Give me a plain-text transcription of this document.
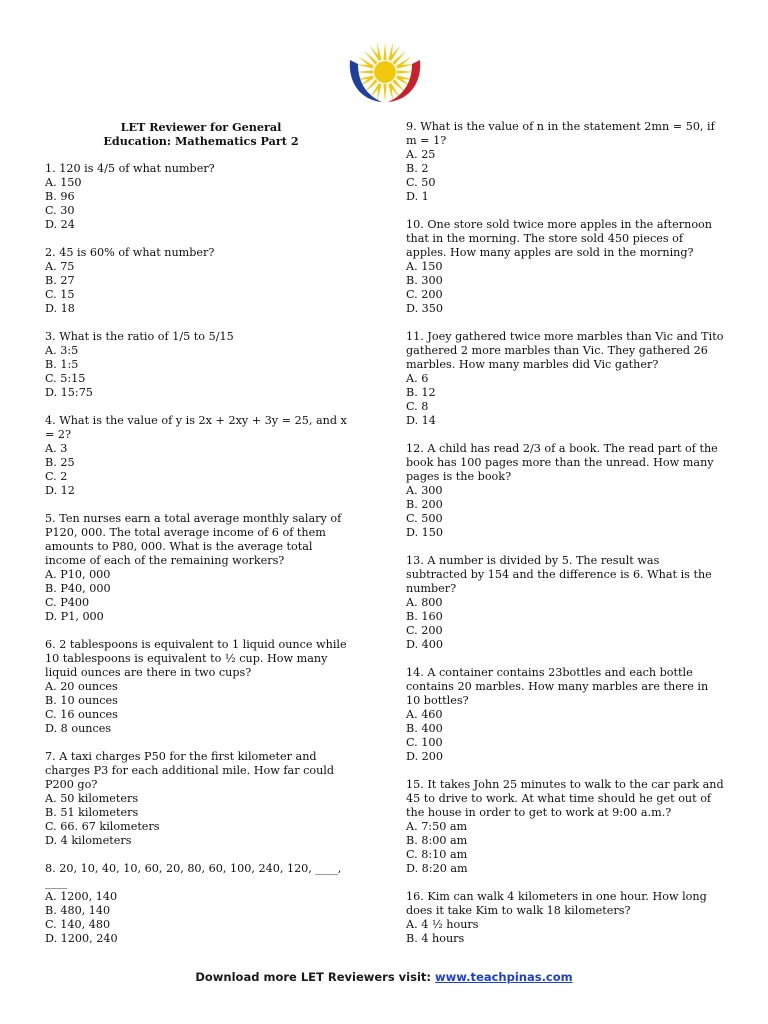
LET Reviewer for General
Education: Mathematics Part 2
1. 120 is 4/5 of what number?
A. 150
B. 96
C. 30
D. 24
2. 45 is 60% of what number?
A. 75
B. 27
C. 15
D. 18
3. What is the ratio of 1/5 to 5/15
A. 3:5
B. 1:5
C. 5:15
D. 15:75
4. What is the value of y is 2x + 2xy + 3y = 25, and x = 2?
A. 3
B. 25
C. 2
D. 12
5. Ten nurses earn a total average monthly salary of P120, 000. The total average income of 6 of them amounts to P80, 000. What is the average total income of each of the remaining workers?
A. P10, 000
B. P40, 000
C. P400
D. P1, 000
6. 2 tablespoons is equivalent to 1 liquid ounce while 10 tablespoons is equivalent to ½ cup. How many liquid ounces are there in two cups?
A. 20 ounces
B. 10 ounces
C. 16 ounces
D. 8 ounces
7. A taxi charges P50 for the first kilometer and charges P3 for each additional mile. How far could P200 go?
A. 50 kilometers
B. 51 kilometers
C. 66. 67 kilometers
D. 4 kilometers
8. 20, 10, 40, 10, 60, 20, 80, 60, 100, 240, 120, ____, ____
A. 1200, 140
B. 480, 140
C. 140, 480
D. 1200, 240
9. What is the value of n in the statement 2mn = 50, if m = 1?
A. 25
B. 2
C. 50
D. 1
10. One store sold twice more apples in the afternoon that in the morning. The store sold 450 pieces of apples. How many apples are sold in the morning?
A. 150
B. 300
C. 200
D. 350
11. Joey gathered twice more marbles than Vic and Tito gathered 2 more marbles than Vic. They gathered 26 marbles. How many marbles did Vic gather?
A. 6
B. 12
C. 8
D. 14
12. A child has read 2/3 of a book. The read part of the book has 100 pages more than the unread. How many pages is the book?
A. 300
B. 200
C. 500
D. 150
13. A number is divided by 5. The result was subtracted by 154 and the difference is 6. What is the number?
A. 800
B. 160
C. 200
D. 400
14. A container contains 23bottles and each bottle contains 20 marbles. How many marbles are there in 10 bottles?
A. 460
B. 400
C. 100
D. 200
15. It takes John 25 minutes to walk to the car park and 45 to drive to work. At what time should he get out of the house in order to get to work at 9:00 a.m.?
A. 7:50 am
B. 8:00 am
C. 8:10 am
D. 8:20 am
16. Kim can walk 4 kilometers in one hour. How long does it take Kim to walk 18 kilometers?
A. 4 ½ hours
B. 4 hours
Download more LET Reviewers visit: www.teachpinas.com
